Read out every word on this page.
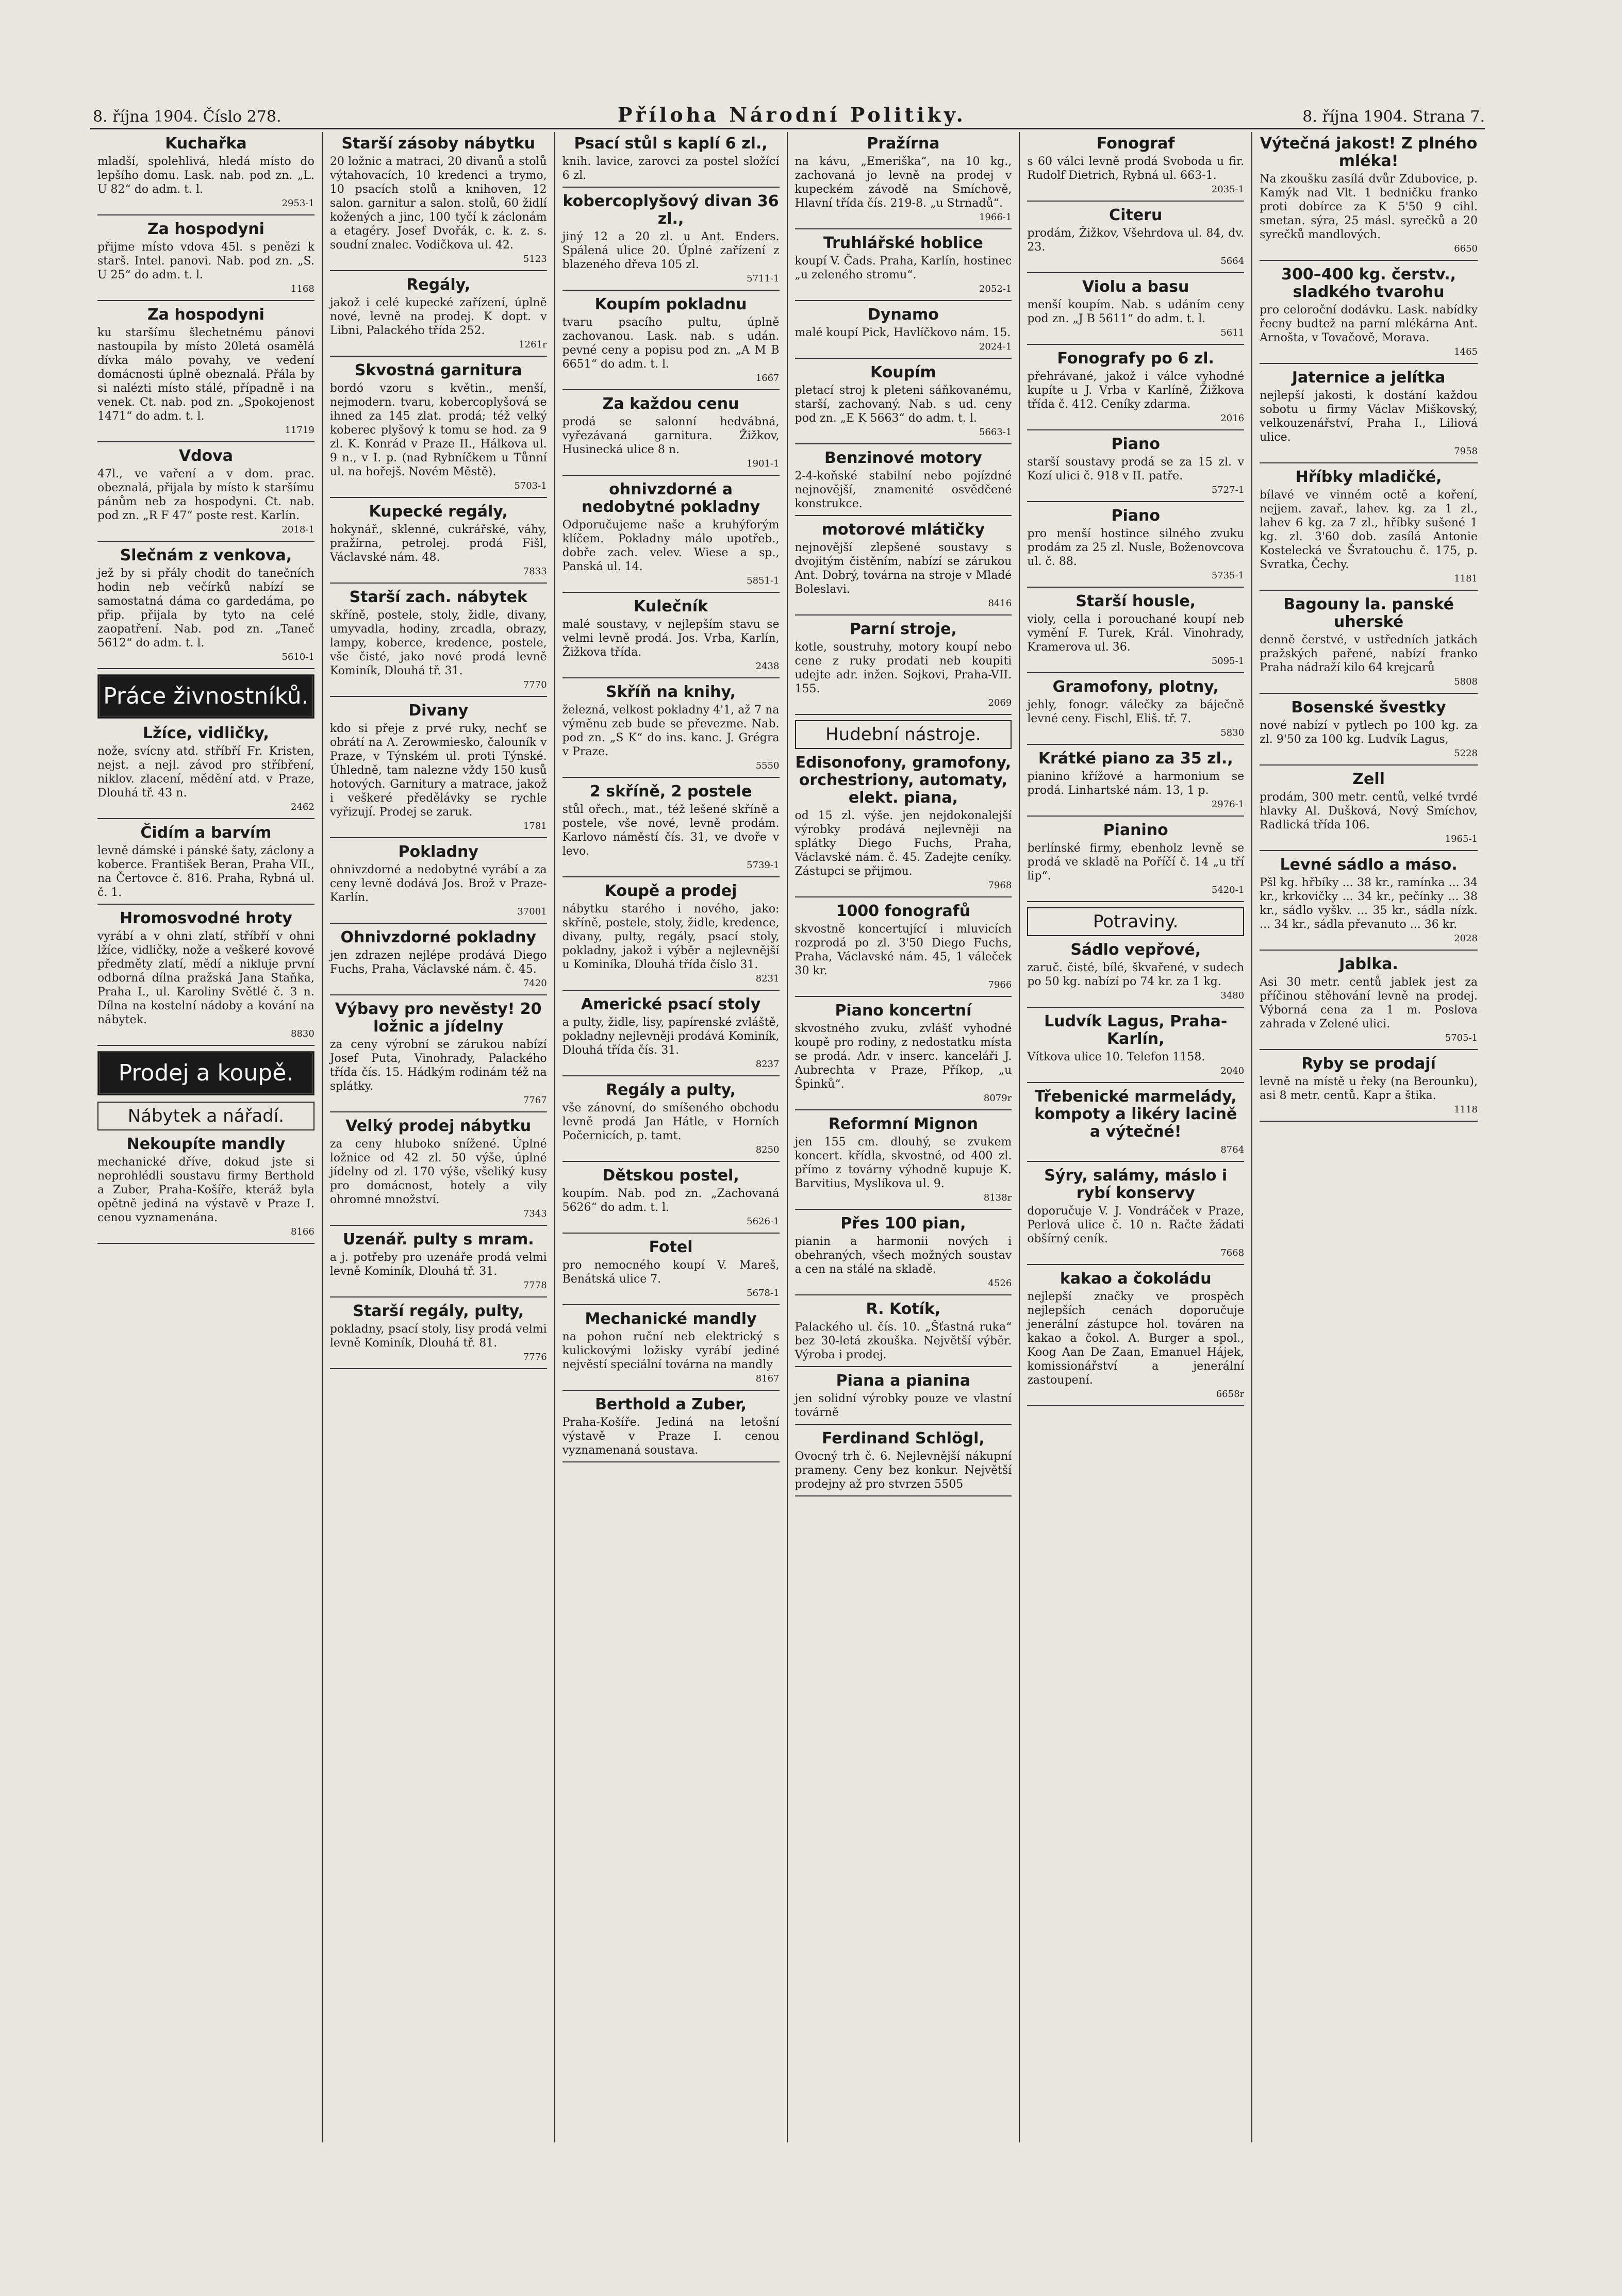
8. října 1904. Číslo 278.	Příloha Národní Politiky.	8. října 1904. Strana 7.
Kuchařka

mladší, spolehlivá, hledá místo do lepšího domu. Lask. nab. pod zn. „L. U 82“ do adm. t. l.

2953-1
Za hospodyni

přijme místo vdova 45l. s penězi k starš. Intel. panovi. Nab. pod zn. „S. U 25“ do adm. t. l.

1168
Za hospodyni

ku staršímu šlechetnému pánovi nastoupila by místo 20letá osamělá dívka málo povahy, ve vedení domácnosti úplně obeznalá. Přála by si nalézti místo stálé, případně i na venek. Ct. nab. pod zn. „Spokojenost 1471“ do adm. t. l.

11719
Vdova

47l., ve vaření a v dom. prac. obeznalá, přijala by místo k staršímu pánům neb za hospodyni. Ct. nab. pod zn. „R F 47“ poste rest. Karlín.

2018-1
Slečnám z venkova,

jež by si přály chodit do tanečních hodin neb večírků nabízí se samostatná dáma co gardedáma, po přip. přijala by tyto na celé zaopatření. Nab. pod zn. „Taneč 5612“ do adm. t. l.

5610-1
Práce živnostníků.
Lžíce, vidličky,

nože, svícny atd. stříbří Fr. Kristen, nejst. a nejl. závod pro stříbření, niklov. zlacení, mědění atd. v Praze, Dlouhá tř. 43 n.

2462
Čidím a barvím

levně dámské i pánské šaty, záclony a koberce. František Beran, Praha VII., na Čertovce č. 816. Praha, Rybná ul. č. 1.

Hromosvodné hroty

vyrábí a v ohni zlatí, stříbří v ohni lžíce, vidličky, nože a veškeré kovové předměty zlatí, mědí a nikluje první odborná dílna pražská Jana Staňka, Praha I., ul. Karoliny Světlé č. 3 n. Dílna na kostelní nádoby a kování na nábytek.

8830
Prodej a koupě.
Nábytek a nářadí.
Nekoupíte mandly

mechanické dříve, dokud jste si neprohlédli soustavu firmy Berthold a Zuber, Praha-Košíře, kteráž byla opětně jediná na výstavě v Praze I. cenou vyznamenána.

8166
Starší zásoby nábytku

20 ložnic a matraci, 20 divanů a stolů výtahovacích, 10 kredenci a trymo, 10 psacích stolů a knihoven, 12 salon. garnitur a salon. stolů, 60 židlí kožených a jinc, 100 tyčí k záclonám a etagéry. Josef Dvořák, c. k. z. s. soudní znalec. Vodičkova ul. 42.

5123
Regály,

jakož i celé kupecké zařízení, úplně nové, levně na prodej. K dopt. v Libni, Palackého třída 252.

1261r
Skvostná garnitura

bordó vzoru s květin., menší, nejmodern. tvaru, kobercoplyšová se ihned za 145 zlat. prodá; též velký koberec plyšový k tomu se hod. za 9 zl. K. Konrád v Praze II., Hálkova ul. 9 n., v I. p. (nad Rybníčkem u Tůnní ul. na hořejš. Novém Městě).

5703-1
Kupecké regály,

hokynář., sklenné, cukrářské, váhy, pražírna, petrolej. prodá Fišl, Václavské nám. 48.

7833
Starší zach. nábytek

skříně, postele, stoly, židle, divany, umyvadla, hodiny, zrcadla, obrazy, lampy, koberce, kredence, postele, vše čisté, jako nové prodá levně Kominík, Dlouhá tř. 31.

7770
Divany

kdo si přeje z prvé ruky, nechť se obrátí na A. Zerowmiesko, čalouník v Praze, v Týnském ul. proti Týnské. Úhledně, tam nalezne vždy 150 kusů hotových. Garnitury a matrace, jakož i veškeré předělávky se rychle vyřizují. Prodej se zaruk.

1781
Pokladny

ohnivzdorné a nedobytné vyrábí a za ceny levně dodává Jos. Brož v Praze-Karlín.

37001
Ohnivzdorné pokladny

jen zdrazen nejlépe prodává Diego Fuchs, Praha, Václavské nám. č. 45.

7420
Výbavy pro nevěsty! 20 ložnic a jídelny

za ceny výrobní se zárukou nabízí Josef Puta, Vinohrady, Palackého třída čís. 15. Hádkým rodinám též na splátky.

7767
Velký prodej nábytku

za ceny hluboko snížené. Úplné ložnice od 42 zl. 50 výše, úplné jídelny od zl. 170 výše, všeliký kusy pro domácnost, hotely a vily ohromné množství.

7343
Uzenář. pulty s mram.

a j. potřeby pro uzenáře prodá velmi levně Kominík, Dlouhá tř. 31.

7778
Starší regály, pulty,

pokladny, psací stoly, lisy prodá velmi levně Kominík, Dlouhá tř. 81.

7776
Psací stůl s kaplí 6 zl.,

knih. lavice, zarovci za postel složící 6 zl.

kobercoplyšový divan 36 zl.,

jiný 12 a 20 zl. u Ant. Enders. Spálená ulice 20. Úplné zařízení z blazeného dřeva 105 zl.

5711-1
Koupím pokladnu

tvaru psacího pultu, úplně zachovanou. Lask. nab. s udán. pevné ceny a popisu pod zn. „A M B 6651“ do adm. t. l.

1667
Za každou cenu

prodá se salonní hedvábná, vyřezávaná garnitura. Žižkov, Husinecká ulice 8 n.

1901-1
ohnivzdorné a nedobytné pokladny

Odporučujeme naše a kruhýforým klíčem. Pokladny málo upotřeb., dobře zach. velev. Wiese a sp., Panská ul. 14.

5851-1
Kulečník

malé soustavy, v nejlepším stavu se velmi levně prodá. Jos. Vrba, Karlín, Žižkova třída.

2438
Skříň na knihy,

železná, velkost pokladny 4'1, až 7 na výměnu zeb bude se převezme. Nab. pod zn. „S K“ do ins. kanc. J. Grégra v Praze.

5550
2 skříně, 2 postele

stůl ořech., mat., též lešené skříně a postele, vše nové, levně prodám. Karlovo náměstí čís. 31, ve dvoře v levo.

5739-1
Koupě a prodej

nábytku starého i nového, jako: skříně, postele, stoly, židle, kredence, divany, pulty, regály, psací stoly, pokladny, jakož i výběr a nejlevnější u Kominíka, Dlouhá třída číslo 31.

8231
Americké psací stoly

a pulty, židle, lisy, papírenské zvláště, pokladny nejlevněji prodává Kominík, Dlouhá třída čís. 31.

8237
Regály a pulty,

vše zánovní, do smíšeného obchodu levně prodá Jan Hátle, v Horních Počernicích, p. tamt.

8250
Dětskou postel,

koupím. Nab. pod zn. „Zachovaná 5626“ do adm. t. l.

5626-1
Fotel

pro nemocného koupí V. Mareš, Benátská ulice 7.

5678-1
Mechanické mandly

na pohon ruční neb elektrický s kulickovými ložisky vyrábí jediné nejvěstí speciální továrna na mandly

8167
Berthold a Zuber,

Praha-Košíře. Jediná na letošní výstavě v Praze I. cenou vyznamenaná soustava.

Pražírna

na kávu, „Emeriška“, na 10 kg., zachovaná jo levně na prodej v kupeckém závodě na Smíchově, Hlavní třída čís. 219-8. „u Strnadů“.

1966-1
Truhlářské hoblice

koupí V. Čads. Praha, Karlín, hostinec „u zeleného stromu“.

2052-1
Dynamo

malé koupí Pick, Havlíčkovo nám. 15.

2024-1
Koupím

pletací stroj k pleteni sáňkovanému, starší, zachovaný. Nab. s ud. ceny pod zn. „E K 5663“ do adm. t. l.

5663-1
Benzinové motory

2-4-koňské stabilní nebo pojízdné nejnovější, znamenité osvědčené konstrukce.

motorové mlátičky

nejnovější zlepšené soustavy s dvojitým čistěním, nabízí se zárukou Ant. Dobrý, továrna na stroje v Mladé Boleslavi.

8416
Parní stroje,

kotle, soustruhy, motory koupí nebo cene z ruky prodati neb koupiti udejte adr. inžen. Sojkovi, Praha-VII. 155.

2069
Hudební nástroje.
Edisonofony, gramofony, orchestriony, automaty, elekt. piana,

od 15 zl. výše. jen nejdokonalejší výrobky prodává nejlevněji na splátky Diego Fuchs, Praha, Václavské nám. č. 45. Zadejte ceníky. Zástupci se přijmou.

7968
1000 fonografů

skvostně koncertující i mluvicích rozprodá po zl. 3'50 Diego Fuchs, Praha, Václavské nám. 45, 1 váleček 30 kr.

7966
Piano koncertní

skvostného zvuku, zvlášť vyhodné koupě pro rodiny, z nedostatku místa se prodá. Adr. v inserc. kanceláři J. Aubrechta v Praze, Příkop, „u Špinků“.

8079r
Reformní Mignon

jen 155 cm. dlouhý, se zvukem koncert. křídla, skvostné, od 400 zl. přímo z továrny výhodně kupuje K. Barvitius, Myslíkova ul. 9.

8138r
Přes 100 pian,

pianin a harmonii nových i obehraných, všech možných soustav a cen na stálé na skladě.

4526
R. Kotík,

Palackého ul. čís. 10. „Šťastná ruka“ bez 30-letá zkouška. Největší výběr. Výroba i prodej.

Piana a pianina

jen solidní výrobky pouze ve vlastní továrně

Ferdinand Schlögl,

Ovocný trh č. 6. Nejlevnější nákupní prameny. Ceny bez konkur. Největší prodejny až pro stvrzen 5505

Fonograf

s 60 válci levně prodá Svoboda u fir. Rudolf Dietrich, Rybná ul. 663-1.

2035-1
Citeru

prodám, Žižkov, Všehrdova ul. 84, dv. 23.

5664
Violu a basu

menší koupím. Nab. s udáním ceny pod zn. „J B 5611“ do adm. t. l.

5611
Fonografy po 6 zl.

přehrávané, jakož i válce vyhodné kupíte u J. Vrba v Karlíně, Žižkova třída č. 412. Ceníky zdarma.

2016
Piano

starší soustavy prodá se za 15 zl. v Kozí ulici č. 918 v II. patře.

5727-1
Piano

pro menší hostince silného zvuku prodám za 25 zl. Nusle, Boženovcova ul. č. 88.

5735-1
Starší housle,

violy, cella i porouchané koupí neb vymění F. Turek, Král. Vinohrady, Kramerova ul. 36.

5095-1
Gramofony, plotny,

jehly, fonogr. válečky za báječně levné ceny. Fischl, Eliš. tř. 7.

5830
Krátké piano za 35 zl.,

pianino křížové a harmonium se prodá. Linhartské nám. 13, 1 p.

2976-1
Pianino

berlínské firmy, ebenholz levně se prodá ve skladě na Poříčí č. 14 „u tří lip“.

5420-1
Potraviny.
Sádlo vepřové,

zaruč. čisté, bílé, škvařené, v sudech po 50 kg. nabízí po 74 kr. za 1 kg.

3480
Ludvík Lagus, Praha-Karlín,

Vítkova ulice 10. Telefon 1158.

2040
Třebenické marmelády, kompoty a likéry lacině a výtečné!
8764
Sýry, salámy, máslo i rybí konservy

doporučuje V. J. Vondráček v Praze, Perlová ulice č. 10 n. Račte žádati obšírný ceník.

7668
kakao a čokoládu

nejlepší značky ve prospěch nejlepších cenách doporučuje jenerální zástupce hol. továren na kakao a čokol. A. Burger a spol., Koog Aan De Zaan, Emanuel Hájek, komissionářství a jenerální zastoupení.

6658r
Výtečná jakost! Z plného mléka!

Na zkoušku zasílá dvůr Zdubovice, p. Kamýk nad Vlt. 1 bedničku franko proti dobírce za K 5'50 9 cihl. smetan. sýra, 25 másl. syrečků a 20 syrečků mandlových.

6650
300–400 kg. čerstv., sladkého tvarohu

pro celoroční dodávku. Lask. nabídky řecny budtež na parní mlékárna Ant. Arnošta, v Tovačově, Morava.

1465
Jaternice a jelítka

nejlepší jakosti, k dostání každou sobotu u firmy Václav Miškovský, velkouzenářství, Praha I., Liliová ulice.

7958
Hříbky mladičké,

bílavé ve vinném octě a koření, nejjem. zavař., lahev. kg. za 1 zl., lahev 6 kg. za 7 zl., hříbky sušené 1 kg. zl. 3'60 dob. zasílá Antonie Kostelecká ve Švratouchu č. 175, p. Svratka, Čechy.

1181
Bagouny la. panské uherské

denně čerstvé, v ustředních jatkách pražských pařené, nabízí franko Praha nádraží kilo 64 krejcarů

5808
Bosenské švestky

nové nabízí v pytlech po 100 kg. za zl. 9'50 za 100 kg. Ludvík Lagus,

5228
Zell

prodám, 300 metr. centů, velké tvrdé hlavky Al. Dušková, Nový Smíchov, Radlická třída 106.

1965-1
Levné sádlo a máso.

Pšl kg. hřbíky ... 38 kr., ramínka ... 34 kr., krkovičky ... 34 kr., pečínky ... 38 kr., sádlo vyškv. ... 35 kr., sádla nízk. ... 34 kr., sádla převanuto ... 36 kr.

2028
Jablka.

Asi 30 metr. centů jablek jest za příčinou stěhování levně na prodej. Výborná cena za 1 m. Poslova zahrada v Zelené ulici.

5705-1
Ryby se prodají

levně na místě u řeky (na Berounku), asi 8 metr. centů. Kapr a štika.

1118
